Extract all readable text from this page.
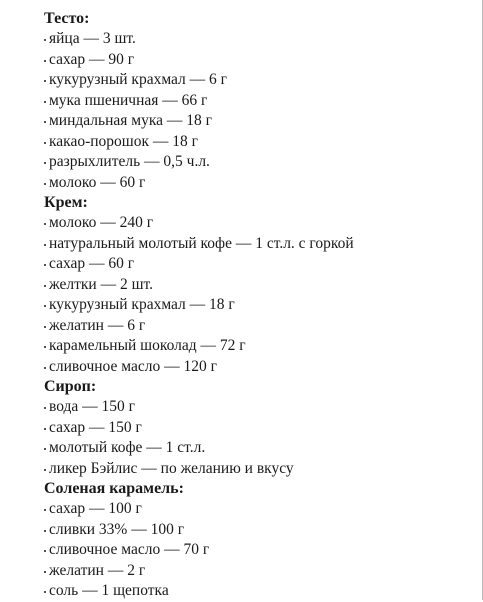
Тесто:
яйца — 3 шт.
сахар — 90 г
кукурузный крахмал — 6 г
мука пшеничная — 66 г
миндальная мука — 18 г
какао-порошок — 18 г
разрыхлитель — 0,5 ч.л.
молоко — 60 г
Крем:
молоко — 240 г
натуральный молотый кофе — 1 ст.л. с горкой
сахар — 60 г
желтки — 2 шт.
кукурузный крахмал — 18 г
желатин — 6 г
карамельный шоколад — 72 г
сливочное масло — 120 г
Сироп:
вода — 150 г
сахар — 150 г
молотый кофе — 1 ст.л.
ликер Бэйлис — по желанию и вкусу
Соленая карамель:
сахар — 100 г
сливки 33% — 100 г
сливочное масло — 70 г
желатин — 2 г
соль — 1 щепотка
